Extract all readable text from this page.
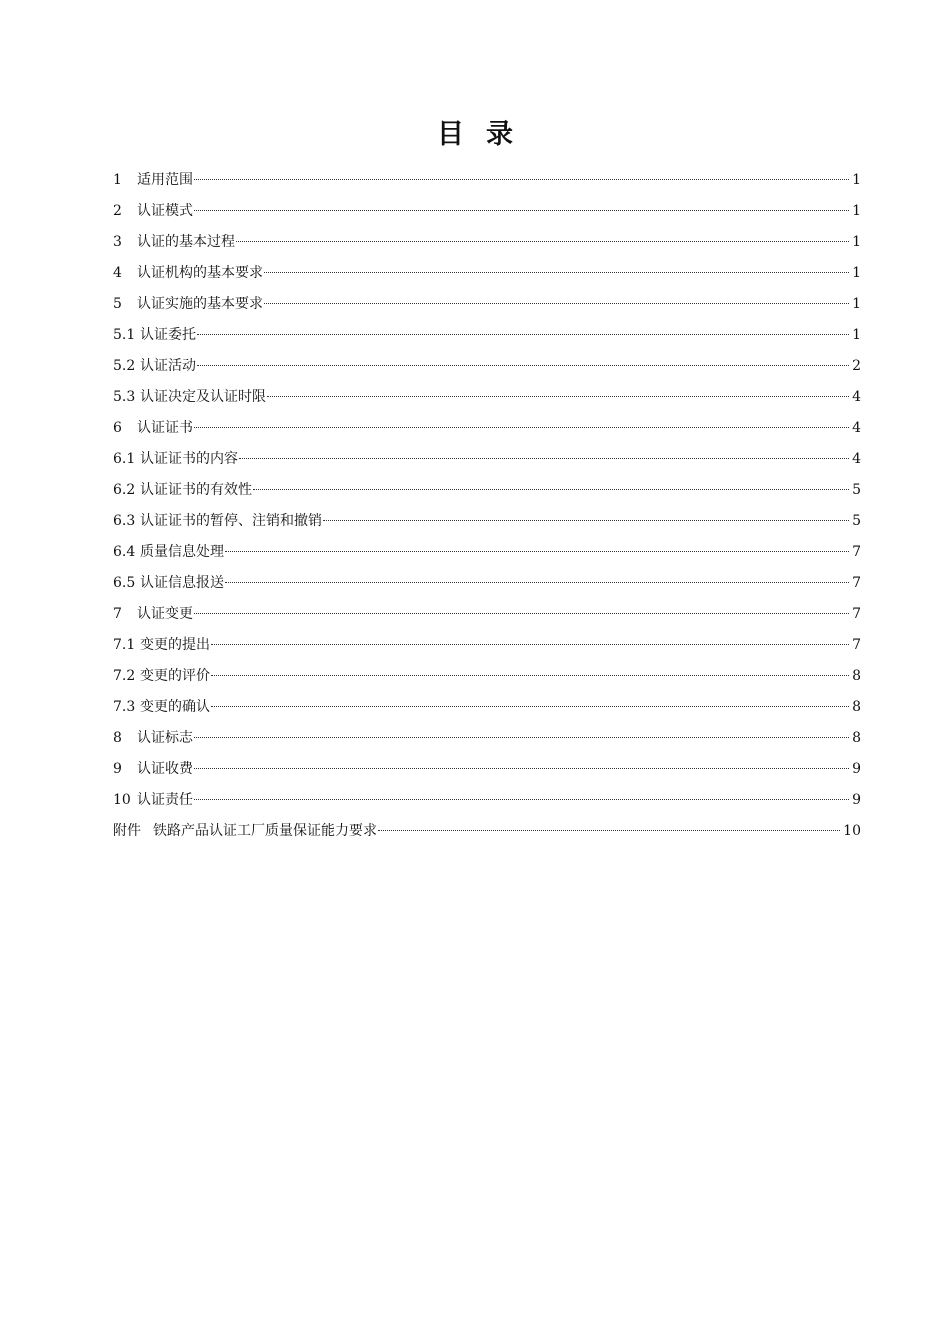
目 录
1	适用范围	1
2	认证模式	1
3	认证的基本过程	1
4	认证机构的基本要求	1
5	认证实施的基本要求	1
5.1 认证委托	1
5.2 认证活动	2
5.3 认证决定及认证时限	4
6	认证证书	4
6.1 认证证书的内容	4
6.2 认证证书的有效性	5
6.3 认证证书的暂停、注销和撤销	5
6.4 质量信息处理	7
6.5 认证信息报送	7
7	认证变更	7
7.1 变更的提出	7
7.2 变更的评价	8
7.3 变更的确认	8
8	认证标志	8
9	认证收费	9
10 认证责任	9
附件 铁路产品认证工厂质量保证能力要求	10
